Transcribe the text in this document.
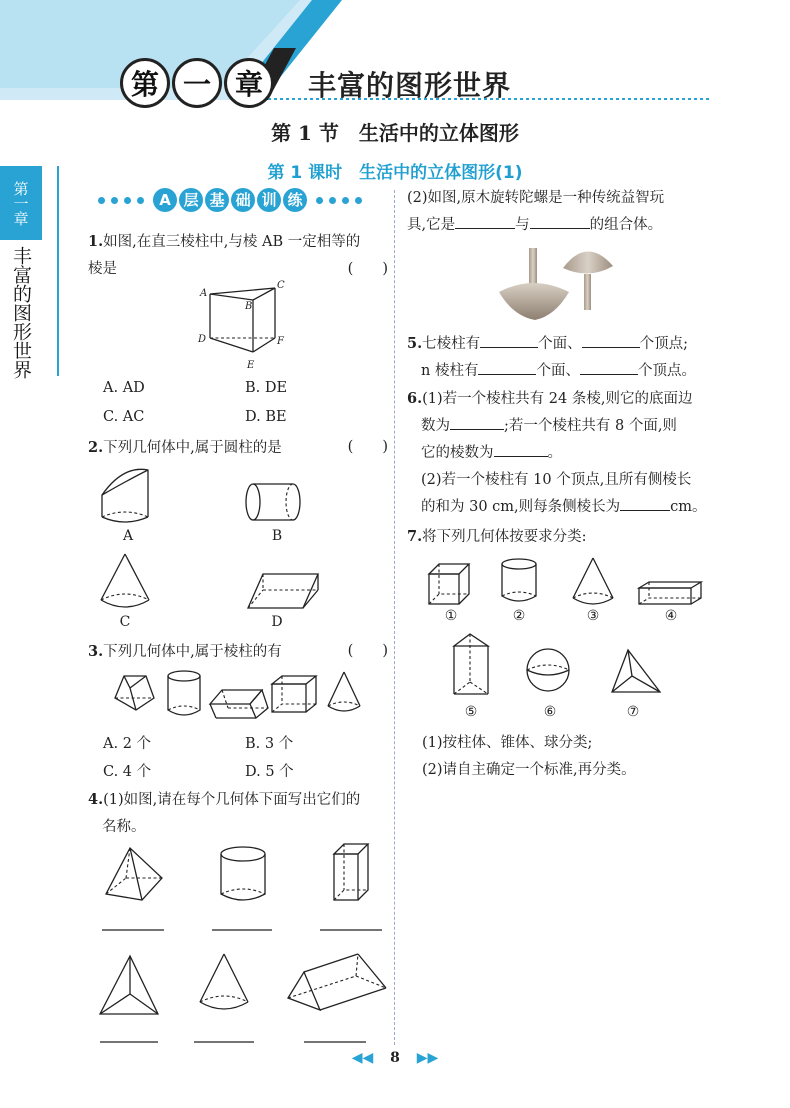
第 一 章	丰富的图形世界
第 1 节　生活中的立体图形
第 1 课时　生活中的立体图形(1)
第一章
丰富的图形世界
A 层 基 础 训 练
1.如图,在直三棱柱中,与棱 AB 一定相等的
棱是	(　　)
A
B
C
D
E
F
A. AD	B. DE
C. AC	D. BE
2.下列几何体中,属于圆柱的是	(　　)
A	B
C	D
3.下列几何体中,属于棱柱的有	(　　)
A. 2 个	B. 3 个
C. 4 个	D. 5 个
4.(1)如图,请在每个几何体下面写出它们的
名称。
(2)如图,原木旋转陀螺是一种传统益智玩
具,它是	与	的组合体。
5.七棱柱有	个面、	个顶点;
n 棱柱有	个面、	个顶点。
6.(1)若一个棱柱共有 24 条棱,则它的底面边
数为	;若一个棱柱共有 8 个面,则
它的棱数为	。
(2)若一个棱柱有 10 个顶点,且所有侧棱长
的和为 30 cm,则每条侧棱长为	cm。
7.将下列几何体按要求分类:
①	②	③	④
⑤	⑥	⑦
(1)按柱体、锥体、球分类;
(2)请自主确定一个标准,再分类。
◀◀ 8 ▶▶
